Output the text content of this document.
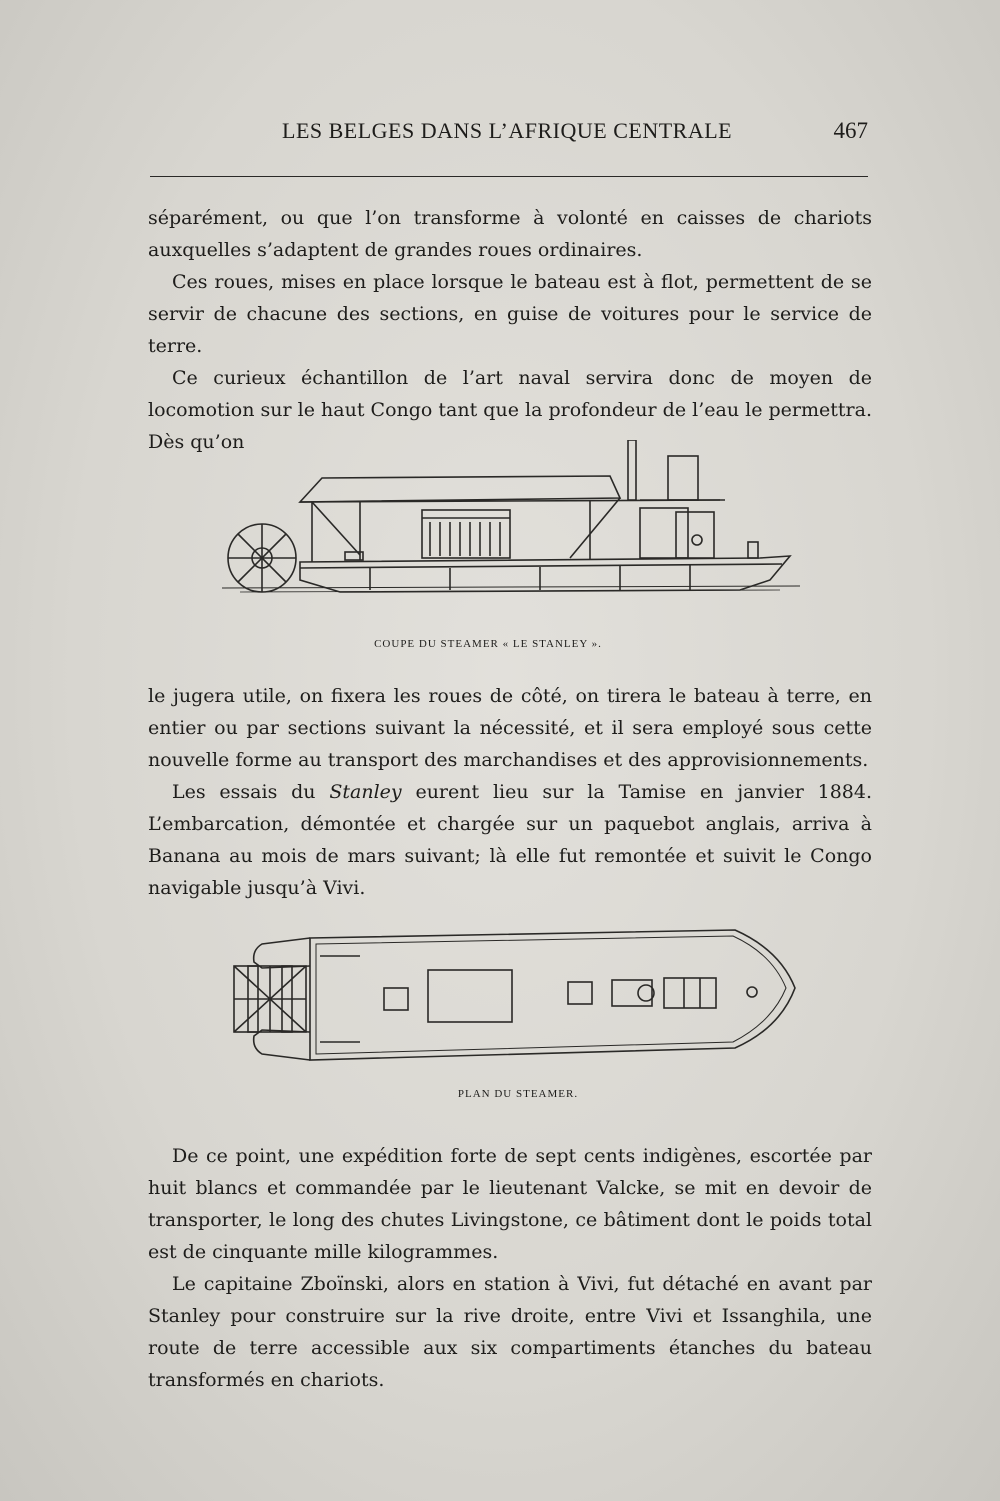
LES BELGES DANS L’AFRIQUE CENTRALE	467

séparément, ou que l’on transforme à volonté en caisses de chariots auxquelles s’adaptent de grandes roues ordinaires.

Ces roues, mises en place lorsque le bateau est à flot, permettent de se servir de chacune des sections, en guise de voitures pour le service de terre.

Ce curieux échantillon de l’art naval servira donc de moyen de locomotion sur le haut Congo tant que la profondeur de l’eau le permettra. Dès qu’on

COUPE DU STEAMER « LE STANLEY ».

le jugera utile, on fixera les roues de côté, on tirera le bateau à terre, en entier ou par sections suivant la nécessité, et il sera employé sous cette nouvelle forme au transport des marchandises et des approvisionnements.

Les essais du Stanley eurent lieu sur la Tamise en janvier 1884. L’embarcation, démontée et chargée sur un paquebot anglais, arriva à Banana au mois de mars suivant; là elle fut remontée et suivit le Congo navigable jusqu’à Vivi.

PLAN DU STEAMER.

De ce point, une expédition forte de sept cents indigènes, escortée par huit blancs et commandée par le lieutenant Valcke, se mit en devoir de transporter, le long des chutes Livingstone, ce bâtiment dont le poids total est de cinquante mille kilogrammes.

Le capitaine Zboïnski, alors en station à Vivi, fut détaché en avant par Stanley pour construire sur la rive droite, entre Vivi et Issanghila, une route de terre accessible aux six compartiments étanches du bateau transformés en chariots.
